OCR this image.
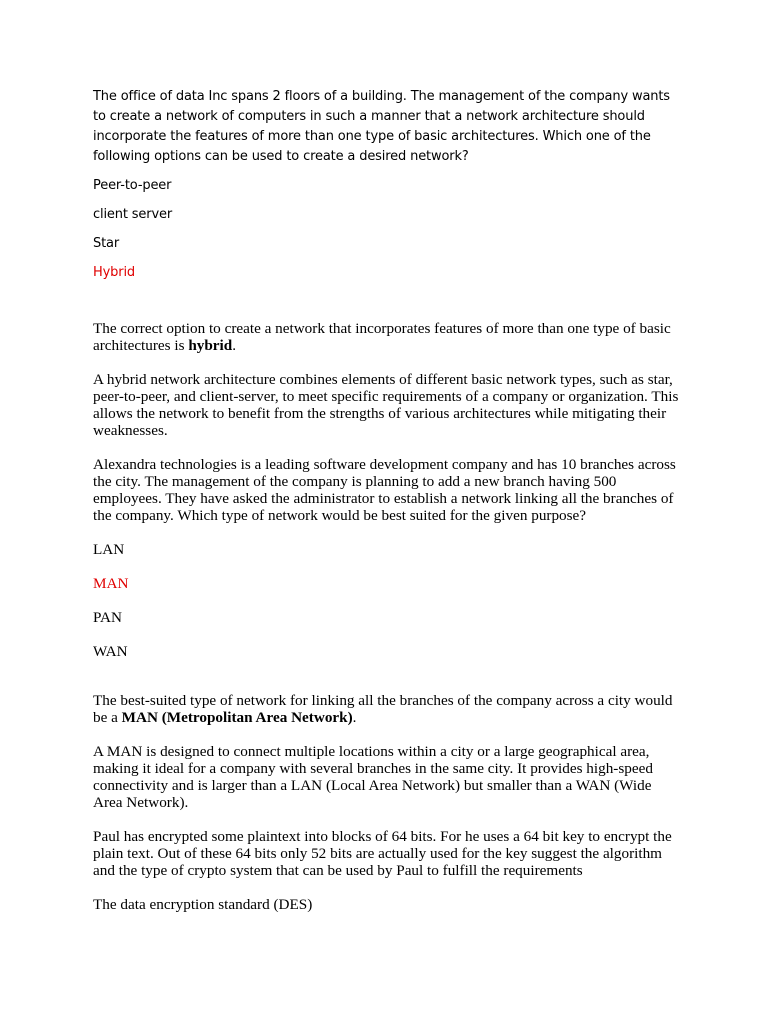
The office of data Inc spans 2 floors of a building. The management of the company wants to create a network of computers in such a manner that a network architecture should incorporate the features of more than one type of basic architectures. Which one of the following options can be used to create a desired network?

Peer-to-peer

client server

Star

Hybrid

The correct option to create a network that incorporates features of more than one type of basic architectures is hybrid.

A hybrid network architecture combines elements of different basic network types, such as star, peer-to-peer, and client-server, to meet specific requirements of a company or organization. This allows the network to benefit from the strengths of various architectures while mitigating their weaknesses.

Alexandra technologies is a leading software development company and has 10 branches across the city. The management of the company is planning to add a new branch having 500 employees. They have asked the administrator to establish a network linking all the branches of the company. Which type of network would be best suited for the given purpose?

LAN

MAN

PAN

WAN

The best-suited type of network for linking all the branches of the company across a city would be a MAN (Metropolitan Area Network).

A MAN is designed to connect multiple locations within a city or a large geographical area, making it ideal for a company with several branches in the same city. It provides high-speed connectivity and is larger than a LAN (Local Area Network) but smaller than a WAN (Wide Area Network).

Paul has encrypted some plaintext into blocks of 64 bits. For he uses a 64 bit key to encrypt the plain text. Out of these 64 bits only 52 bits are actually used for the key suggest the algorithm and the type of crypto system that can be used by Paul to fulfill the requirements

The data encryption standard (DES)
